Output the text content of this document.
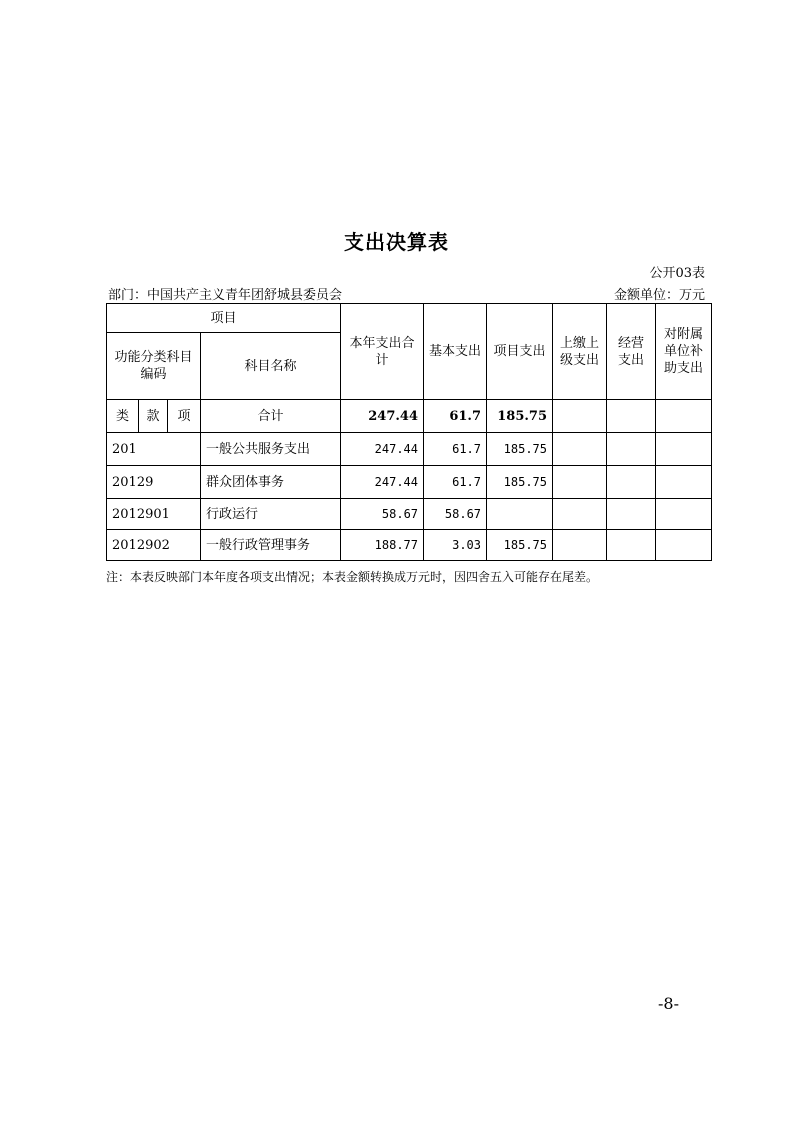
支出决算表
公开03表
部门：中国共产主义青年团舒城县委员会	金额单位：万元
项目				本年支出合计	基本支出	项目支出	上缴上级支出	经营支出	对附属单位补助支出
功能分类科目编码			科目名称						
类	款	项	合计	247.44	61.7	185.75			
201			一般公共服务支出	247.44	61.7	185.75			
20129			群众团体事务	247.44	61.7	185.75			
2012901			行政运行	58.67	58.67				
2012902			一般行政管理事务	188.77	3.03	185.75			
注：本表反映部门本年度各项支出情况；本表金额转换成万元时，因四舍五入可能存在尾差。
-8-
